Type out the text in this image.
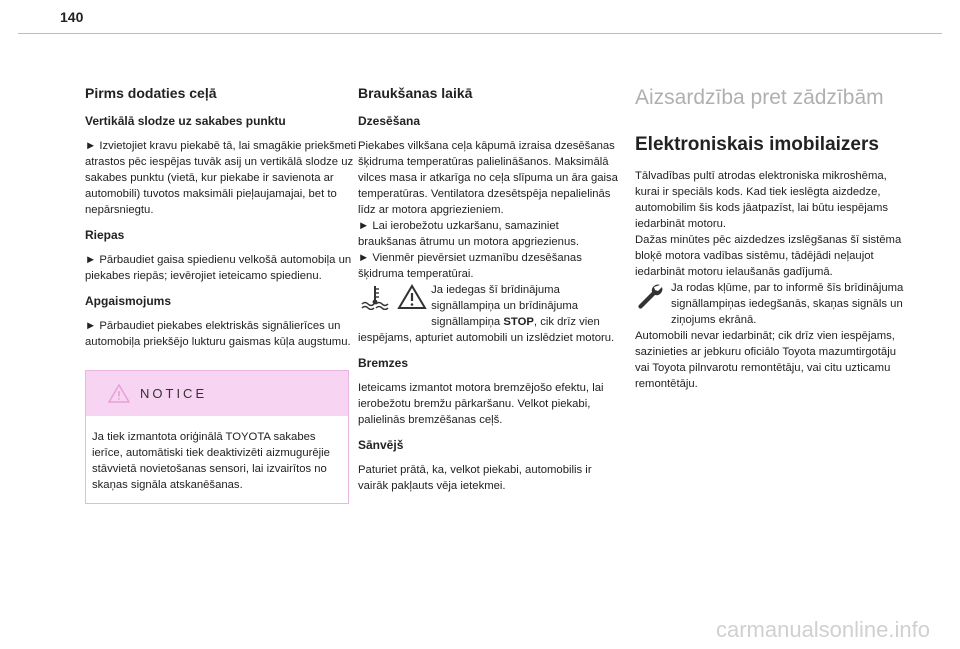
140
Pirms dodaties ceļā
Vertikālā slodze uz sakabes punktu

► Izvietojiet kravu piekabē tā, lai smagākie priekšmeti atrastos pēc iespējas tuvāk asij un vertikālā slodze uz sakabes punktu (vietā, kur piekabe ir savienota ar automobili) tuvotos maksimāli pieļaujamajai, bet to nepārsniegtu.

Riepas

► Pārbaudiet gaisa spiedienu velkošā automobiļa un piekabes riepās; ievērojiet ieteicamo spiedienu.

Apgaismojums

► Pārbaudiet piekabes elektriskās signālierīces un automobiļa priekšējo lukturu gaismas kūļa augstumu.

NOTICE
Ja tiek izmantota oriģinālā TOYOTA sakabes ierīce, automātiski tiek deaktivizēti aizmugurējie stāvvietā novietošanas sensori, lai izvairītos no skaņas signāla atskanēšanas.
Braukšanas laikā
Dzesēšana

Piekabes vilkšana ceļa kāpumā izraisa dzesēšanas šķidruma temperatūras palielināšanos. Maksimālā vilces masa ir atkarīga no ceļa slīpuma un āra gaisa temperatūras. Ventilatora dzesētspēja nepalielinās līdz ar motora apgriezieniem.

► Lai ierobežotu uzkaršanu, samaziniet braukšanas ātrumu un motora apgriezienus.

► Vienmēr pievērsiet uzmanību dzesēšanas šķidruma temperatūrai.

Ja iedegas šī brīdinājuma signāllampiņa un brīdinājuma signāllampiņa STOP, cik drīz vien iespējams, apturiet automobili un izslēdziet motoru.
Bremzes

Ieteicams izmantot motora bremzējošo efektu, lai ierobežotu bremžu pārkaršanu. Velkot piekabi, palielinās bremzēšanas ceļš.

Sānvējš

Paturiet prātā, ka, velkot piekabi, automobilis ir vairāk pakļauts vēja ietekmei.

Aizsardzība pret zādzībām
Elektroniskais imobilaizers

Tālvadības pultī atrodas elektroniska mikroshēma, kurai ir speciāls kods. Kad tiek ieslēgta aizdedze, automobilim šis kods jāatpazīst, lai būtu iespējams iedarbināt motoru.

Dažas minūtes pēc aizdedzes izslēgšanas šī sistēma bloķē motora vadības sistēmu, tādējādi neļaujot iedarbināt motoru ielaušanās gadījumā.

Ja rodas kļūme, par to informē šīs brīdinājuma signāllampiņas iedegšanās, skaņas signāls un ziņojums ekrānā.

Automobili nevar iedarbināt; cik drīz vien iespējams, sazinieties ar jebkuru oficiālo Toyota mazumtirgotāju vai Toyota pilnvarotu remontētāju, vai citu uzticamu remontētāju.

carmanualsonline.info
